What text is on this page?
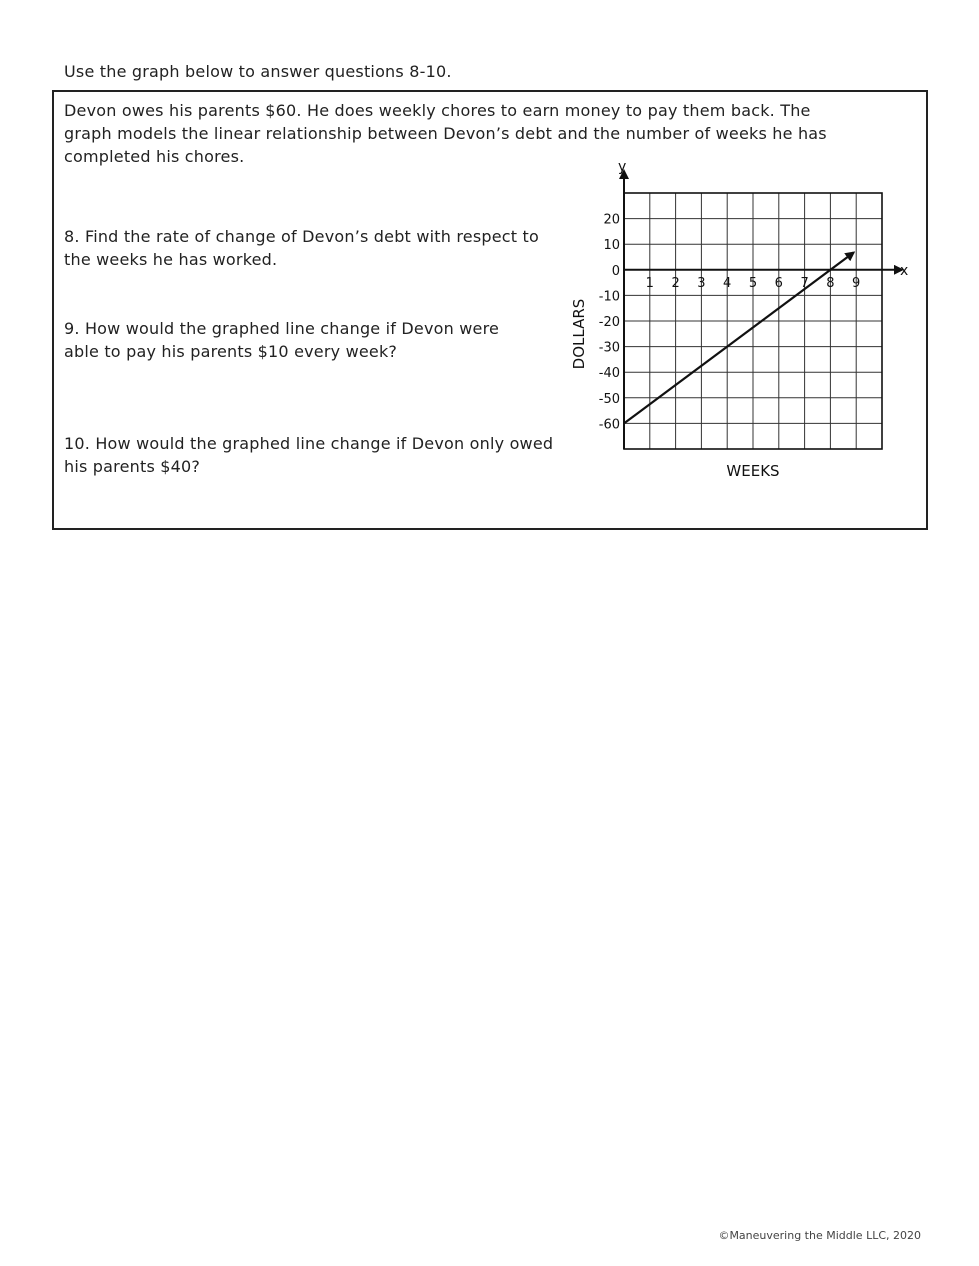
Use the graph below to answer questions 8-10.

Devon owes his parents $60. He does weekly chores to earn money to pay them back. The
graph models the linear relationship between Devon’s debt and the number of weeks he has
completed his chores.

8. Find the rate of change of Devon’s debt with respect to
the weeks he has worked.

9. How would the graphed line change if Devon were
able to pay his parents $10 every week?

10. How would the graphed line change if Devon only owed
his parents $40?

1 2 3 4 5 6 7 8 9
20
10
0
-10
-20
-30
-40
-50
-60
x
y
WEEKS
DOLLARS
©Maneuvering the Middle LLC, 2020
